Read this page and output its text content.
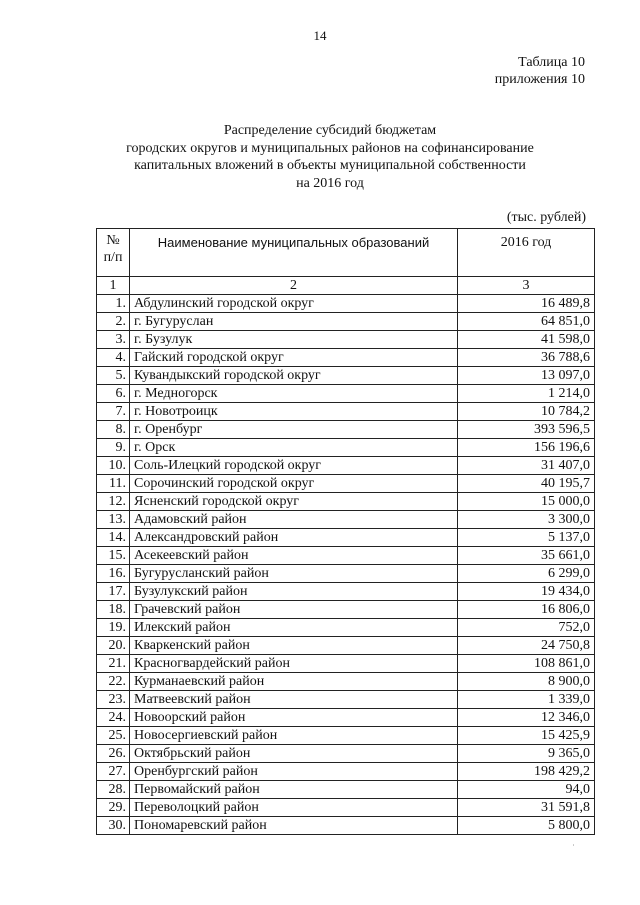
14
Таблица 10
приложения 10
Распределение субсидий бюджетам
городских округов и муниципальных районов на софинансирование
капитальных вложений в объекты муниципальной собственности
на 2016 год
(тыс. рублей)
№
п/п	Наименование муниципальных образований	2016 год
1	2	3
1.	Абдулинский городской округ	16 489,8
2.	г. Бугуруслан	64 851,0
3.	г. Бузулук	41 598,0
4.	Гайский городской округ	36 788,6
5.	Кувандыкский городской округ	13 097,0
6.	г. Медногорск	1 214,0
7.	г. Новотроицк	10 784,2
8.	г. Оренбург	393 596,5
9.	г. Орск	156 196,6
10.	Соль-Илецкий городской округ	31 407,0
11.	Сорочинский городской округ	40 195,7
12.	Ясненский городской округ	15 000,0
13.	Адамовский район	3 300,0
14.	Александровский район	5 137,0
15.	Асекеевский район	35 661,0
16.	Бугурусланский район	6 299,0
17.	Бузулукский район	19 434,0
18.	Грачевский район	16 806,0
19.	Илекский район	752,0
20.	Кваркенский район	24 750,8
21.	Красногвардейский район	108 861,0
22.	Курманаевский район	8 900,0
23.	Матвеевский район	1 339,0
24.	Новоорский район	12 346,0
25.	Новосергиевский район	15 425,9
26.	Октябрьский район	9 365,0
27.	Оренбургский район	198 429,2
28.	Первомайский район	94,0
29.	Переволоцкий район	31 591,8
30.	Пономаревский район	5 800,0
˙
